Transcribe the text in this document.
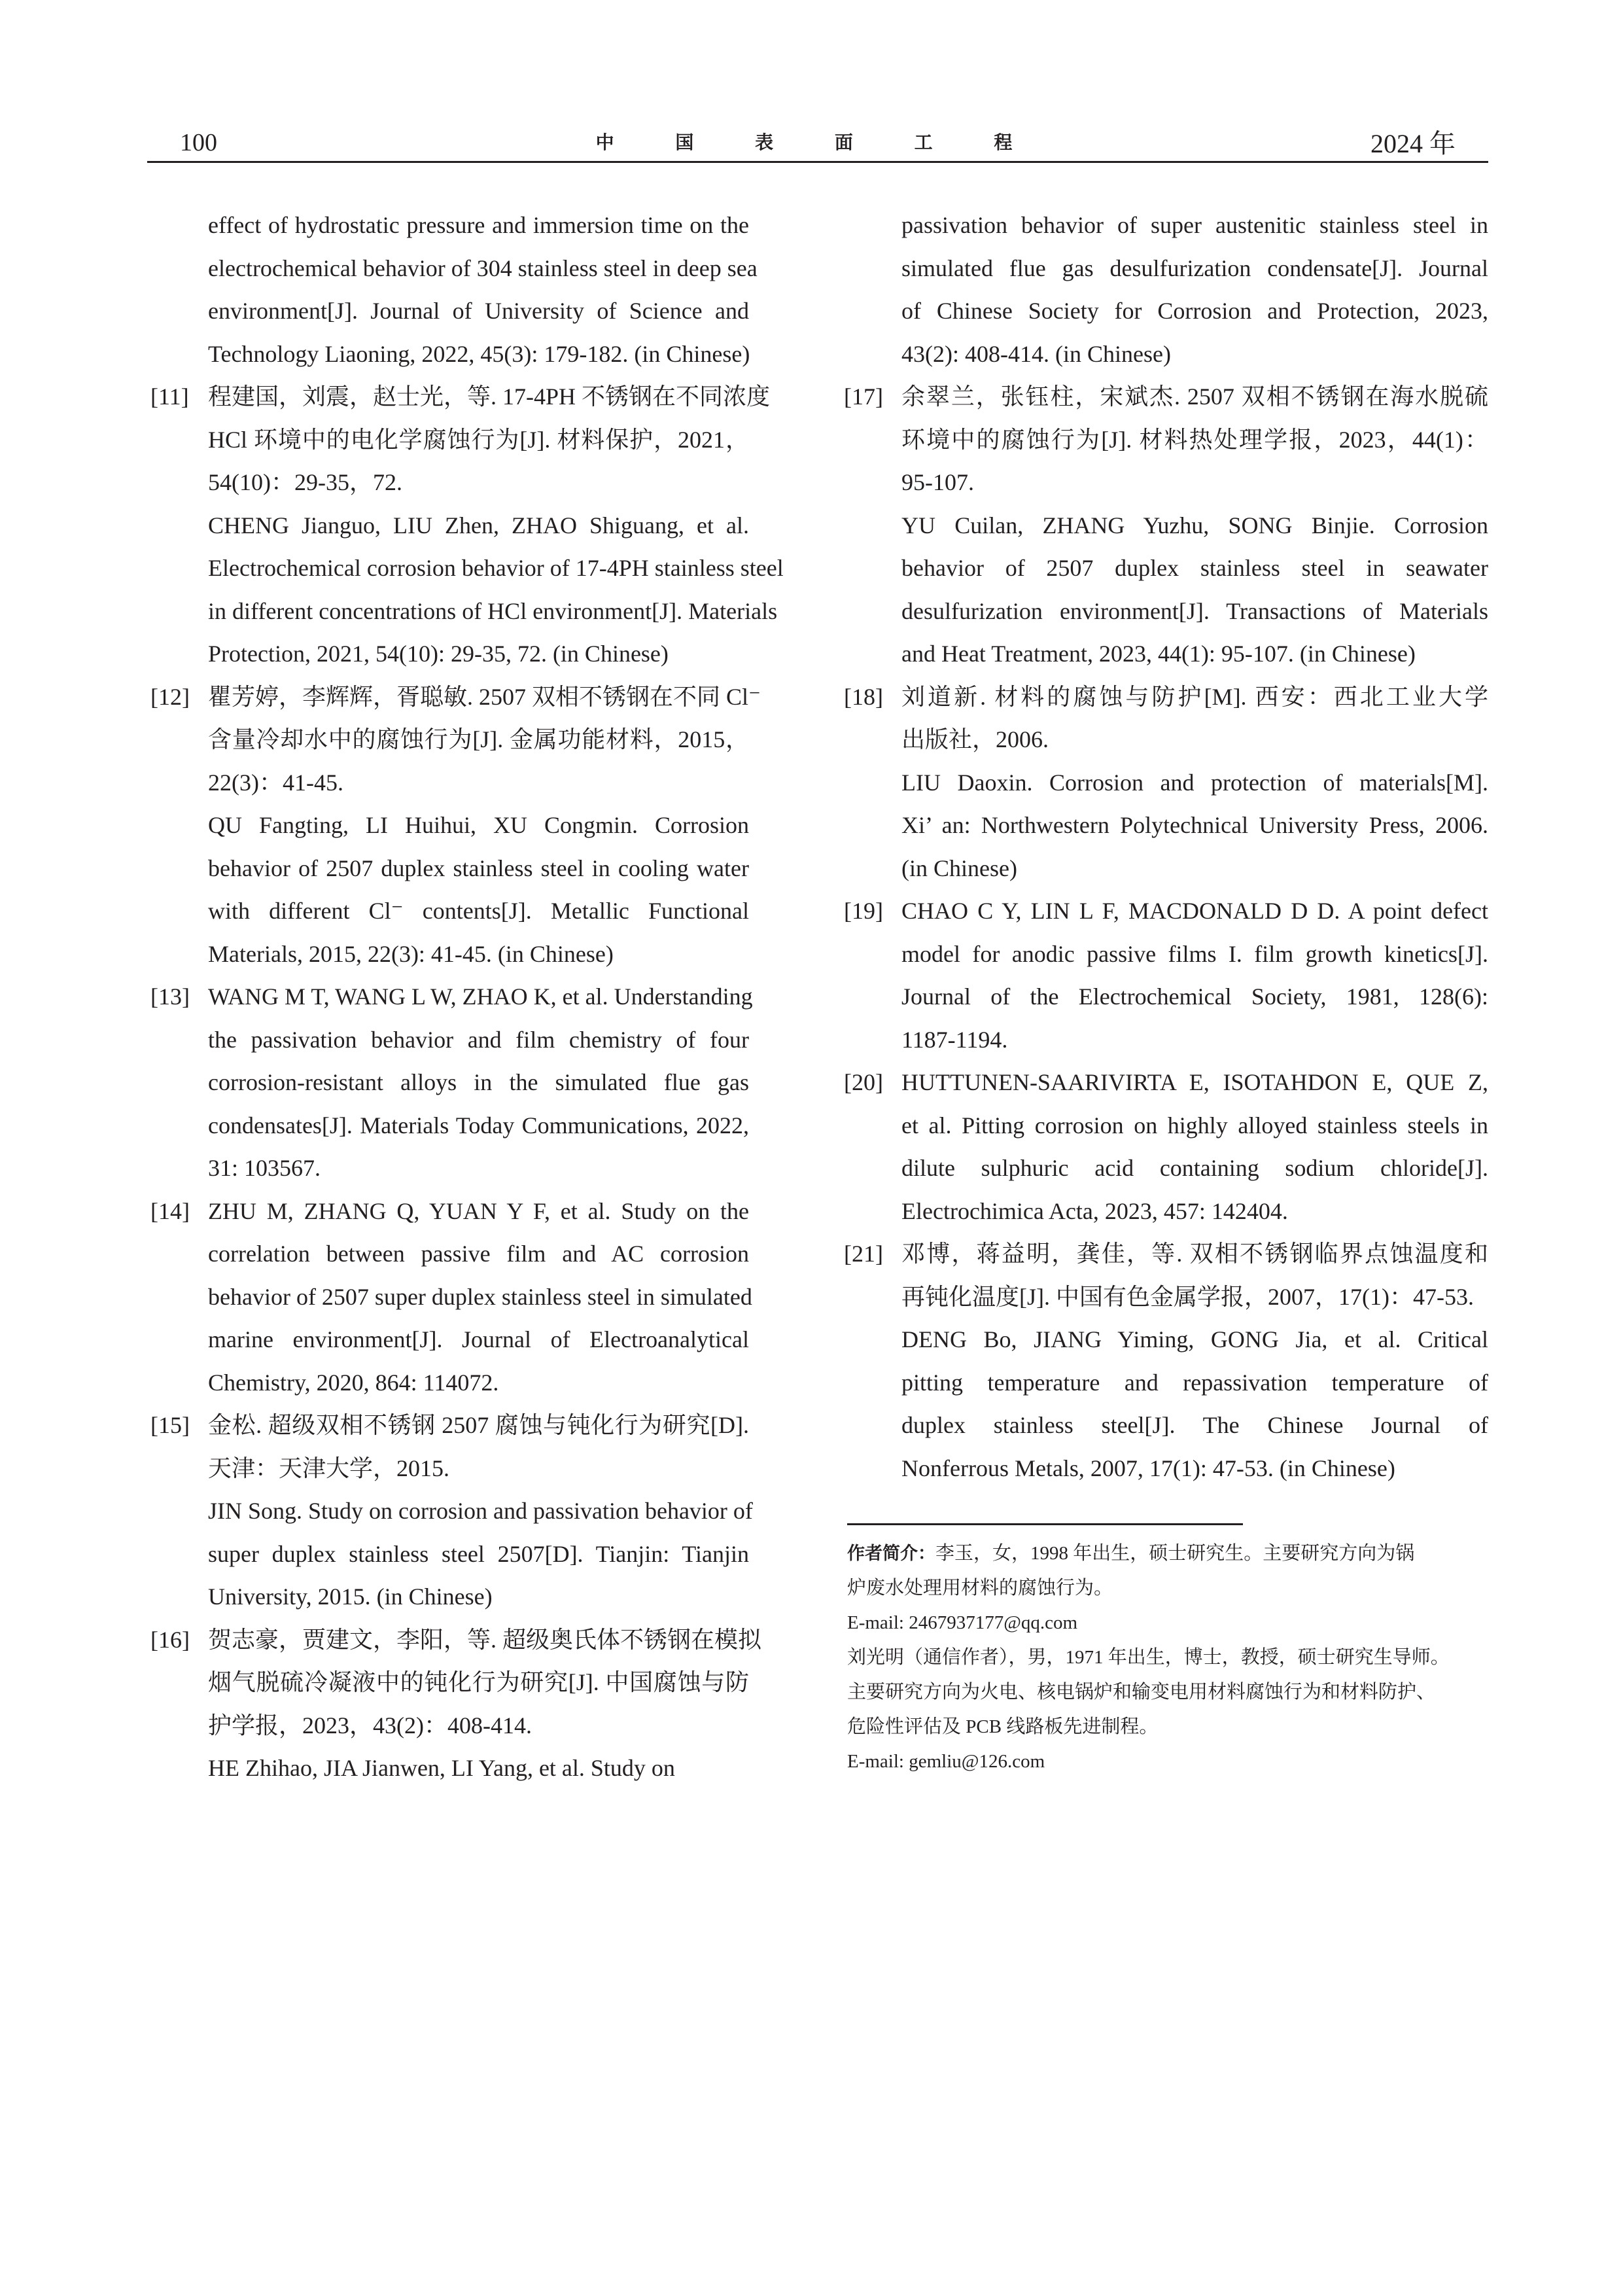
100	中 国 表 面 工 程	2024 年
effect of hydrostatic pressure and immersion time on the
electrochemical behavior of 304 stainless steel in deep sea
environment[J]. Journal of University of Science and
Technology Liaoning, 2022, 45(3): 179-182. (in Chinese)
[11] 程建国，刘震，赵士光，等. 17-4PH 不锈钢在不同浓度
HCl 环境中的电化学腐蚀行为[J]. 材料保护，2021，
54(10)：29-35，72.
CHENG Jianguo, LIU Zhen, ZHAO Shiguang, et al.
Electrochemical corrosion behavior of 17-4PH stainless steel
in different concentrations of HCl environment[J]. Materials
Protection, 2021, 54(10): 29-35, 72. (in Chinese)
[12] 瞿芳婷，李辉辉，胥聪敏. 2507 双相不锈钢在不同 Cl⁻
含量冷却水中的腐蚀行为[J]. 金属功能材料，2015，
22(3)：41-45.
QU Fangting, LI Huihui, XU Congmin. Corrosion
behavior of 2507 duplex stainless steel in cooling water
with different Cl⁻ contents[J]. Metallic Functional
Materials, 2015, 22(3): 41-45. (in Chinese)
[13] WANG M T, WANG L W, ZHAO K, et al. Understanding
the passivation behavior and film chemistry of four
corrosion-resistant alloys in the simulated flue gas
condensates[J]. Materials Today Communications, 2022,
31: 103567.
[14] ZHU M, ZHANG Q, YUAN Y F, et al. Study on the
correlation between passive film and AC corrosion
behavior of 2507 super duplex stainless steel in simulated
marine environment[J]. Journal of Electroanalytical
Chemistry, 2020, 864: 114072.
[15] 金松. 超级双相不锈钢 2507 腐蚀与钝化行为研究[D].
天津：天津大学，2015.
JIN Song. Study on corrosion and passivation behavior of
super duplex stainless steel 2507[D]. Tianjin: Tianjin
University, 2015. (in Chinese)
[16] 贺志豪，贾建文，李阳，等. 超级奥氏体不锈钢在模拟
烟气脱硫冷凝液中的钝化行为研究[J]. 中国腐蚀与防
护学报，2023，43(2)：408-414.
HE Zhihao, JIA Jianwen, LI Yang, et al. Study on
passivation behavior of super austenitic stainless steel in
simulated flue gas desulfurization condensate[J]. Journal
of Chinese Society for Corrosion and Protection, 2023,
43(2): 408-414. (in Chinese)
[17] 余翠兰，张钰柱，宋斌杰. 2507 双相不锈钢在海水脱硫
环境中的腐蚀行为[J]. 材料热处理学报，2023，44(1)：
95-107.
YU Cuilan, ZHANG Yuzhu, SONG Binjie. Corrosion
behavior of 2507 duplex stainless steel in seawater
desulfurization environment[J]. Transactions of Materials
and Heat Treatment, 2023, 44(1): 95-107. (in Chinese)
[18] 刘道新. 材料的腐蚀与防护[M]. 西安：西北工业大学
出版社，2006.
LIU Daoxin. Corrosion and protection of materials[M].
Xi’ an: Northwestern Polytechnical University Press, 2006.
(in Chinese)
[19] CHAO C Y, LIN L F, MACDONALD D D. A point defect
model for anodic passive films I. film growth kinetics[J].
Journal of the Electrochemical Society, 1981, 128(6):
1187-1194.
[20] HUTTUNEN-SAARIVIRTA E, ISOTAHDON E, QUE Z,
et al. Pitting corrosion on highly alloyed stainless steels in
dilute sulphuric acid containing sodium chloride[J].
Electrochimica Acta, 2023, 457: 142404.
[21] 邓博，蒋益明，龚佳，等. 双相不锈钢临界点蚀温度和
再钝化温度[J]. 中国有色金属学报，2007，17(1)：47-53.
DENG Bo, JIANG Yiming, GONG Jia, et al. Critical
pitting temperature and repassivation temperature of
duplex stainless steel[J]. The Chinese Journal of
Nonferrous Metals, 2007, 17(1): 47-53. (in Chinese)
作者简介：李玉，女，1998 年出生，硕士研究生。主要研究方向为锅
炉废水处理用材料的腐蚀行为。
E-mail: 2467937177@qq.com
刘光明（通信作者），男，1971 年出生，博士，教授，硕士研究生导师。
主要研究方向为火电、核电锅炉和输变电用材料腐蚀行为和材料防护、
危险性评估及 PCB 线路板先进制程。
E-mail: gemliu@126.com
